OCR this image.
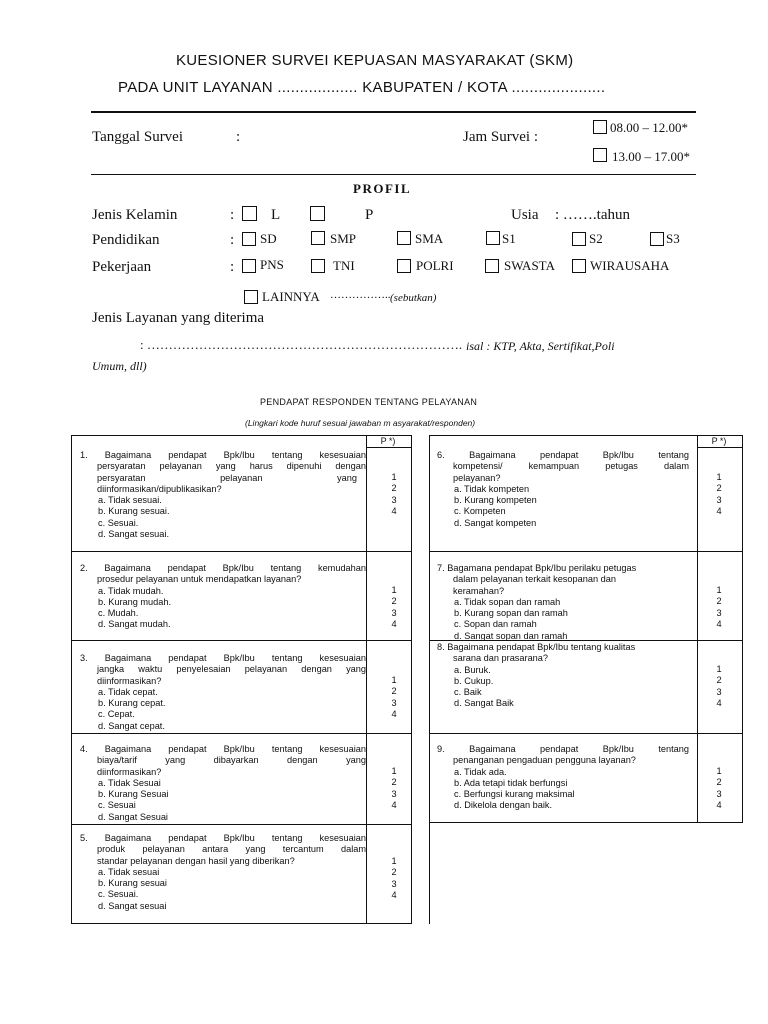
KUESIONER SURVEI KEPUASAN MASYARAKAT (SKM)
PADA UNIT LAYANAN .................. KABUPATEN / KOTA .....................
Tanggal Survei	:	Jam Survei :
08.00 – 12.00*
13.00 – 17.00*
PROFIL
Jenis Kelamin	: L	P	Usia : …….tahun
Pendidikan	: SD	SMP	SMA	S1	S2	S3
Pekerjaan	: PNS	TNI	POLRI	SWASTA	WIRAUSAHA
LAINNYA …………….. (sebutkan)
Jenis Layanan yang diterima
: ………………………………………………………………. isal : KTP, Akta, Sertifikat,Poli
Umum, dll)
PENDAPAT RESPONDEN TENTANG PELAYANAN
(Lingkari kode huruf sesuai jawaban m asyarakat/responden)
P *)	P *)
1. Bagaimana pendapat Bpk/Ibu tentang kesesuaian
persyaratan pelayanan yang harus dipenuhi dengan
persyaratan pelayanan yang
diinformasikan/dipublikasikan?
a. Tidak sesuai.
b. Kurang sesuai.
c. Sesuai.
d. Sangat sesuai.
1
2
3
4
2. Bagaimana pendapat Bpk/Ibu tentang kemudahan
prosedur pelayanan untuk mendapatkan layanan?
a. Tidak mudah.
b. Kurang mudah.
c. Mudah.
d. Sangat mudah.
1
2
3
4
3. Bagaimana pendapat Bpk/Ibu tentang kesesuaian
jangka waktu penyelesaian pelayanan dengan yang
diinformasikan?
a. Tidak cepat.
b. Kurang cepat.
c. Cepat.
d. Sangat cepat.
1
2
3
4
4. Bagaimana pendapat Bpk/Ibu tentang kesesuaian
biaya/tarif yang dibayarkan dengan yang
diinformasikan?
a. Tidak Sesuai
b. Kurang Sesuai
c. Sesuai
d. Sangat Sesuai
1
2
3
4
5. Bagaimana pendapat Bpk/Ibu tentang kesesuaian
produk pelayanan antara yang tercantum dalam
standar pelayanan dengan hasil yang diberikan?
a. Tidak sesuai
b. Kurang sesuai
c. Sesuai.
d. Sangat sesuai
1
2
3
4
6. Bagaimana pendapat Bpk/Ibu tentang
kompetensi/ kemampuan petugas dalam
pelayanan?
a. Tidak kompeten
b. Kurang kompeten
c. Kompeten
d. Sangat kompeten
1
2
3
4
7. Bagamana pendapat Bpk/Ibu perilaku petugas
dalam pelayanan terkait kesopanan dan
keramahan?
a. Tidak sopan dan ramah
b. Kurang sopan dan ramah
c. Sopan dan ramah
d. Sangat sopan dan ramah
1
2
3
4
8. Bagaimana pendapat Bpk/Ibu tentang kualitas
sarana dan prasarana?
a. Buruk.
b. Cukup.
c. Baik
d. Sangat Baik
1
2
3
4
9. Bagaimana pendapat Bpk/Ibu tentang
penanganan pengaduan pengguna layanan?
a. Tidak ada.
b. Ada tetapi tidak berfungsi
c. Berfungsi kurang maksimal
d. Dikelola dengan baik.
1
2
3
4
